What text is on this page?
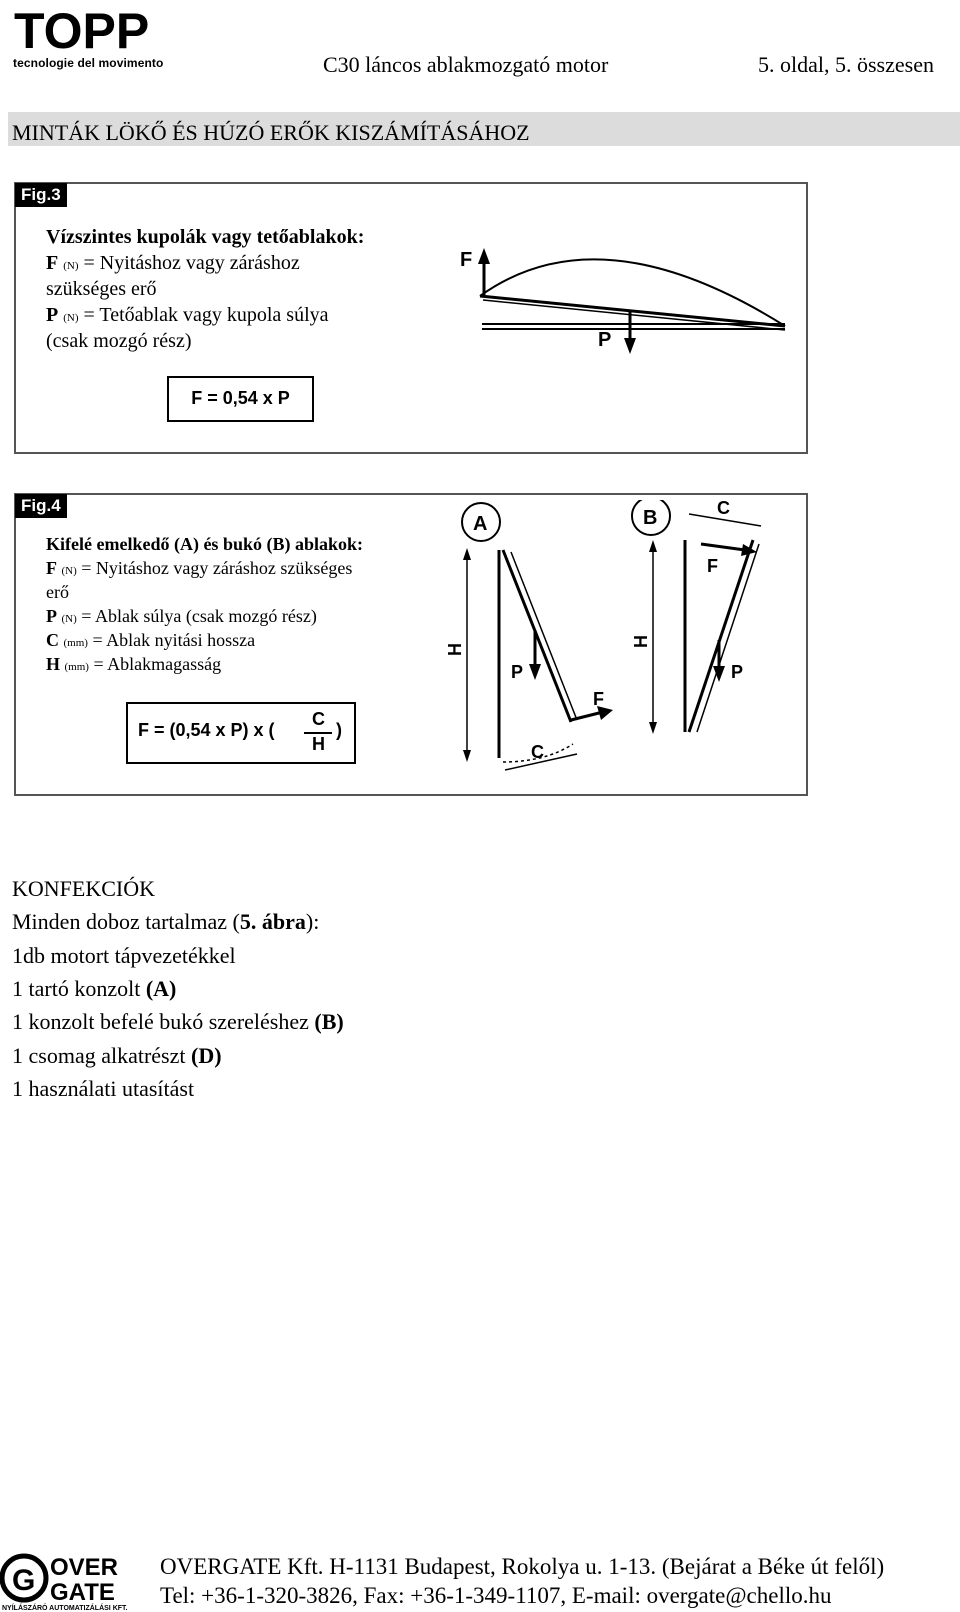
TOPP
tecnologie del movimento	C30 láncos ablakmozgató motor	5. oldal, 5. összesen
MINTÁK LÖKŐ ÉS HÚZÓ ERŐK KISZÁMÍTÁSÁHOZ
Fig.3
Vízszintes kupolák vagy tetőablakok:
F (N) = Nyitáshoz vagy záráshoz
szükséges erő
P (N) = Tetőablak vagy kupola súlya
(csak mozgó rész)
F = 0,54 x P
F
P
Fig.4
Kifelé emelkedő (A) és bukó (B) ablakok:
F (N) = Nyitáshoz vagy záráshoz szükséges
erő
P (N) = Ablak súlya (csak mozgó rész)
C (mm) = Ablak nyitási hossza
H (mm) = Ablakmagasság
F = (0,54 x P) x (
C
H
)
A
H
P
F
C
B
H
C
F
P
KONFEKCIÓK
Minden doboz tartalmaz (5. ábra):
1db motort tápvezetékkel
1 tartó konzolt (A)
1 konzolt befelé bukó szereléshez (B)
1 csomag alkatrészt (D)
1 használati utasítást
G OVER
GATE
NYÍLÁSZÁRÓ AUTOMATIZÁLÁSI KFT.
OVERGATE Kft. H-1131 Budapest, Rokolya u. 1-13. (Bejárat a Béke út felől)
Tel: +36-1-320-3826, Fax: +36-1-349-1107, E-mail: overgate@chello.hu
